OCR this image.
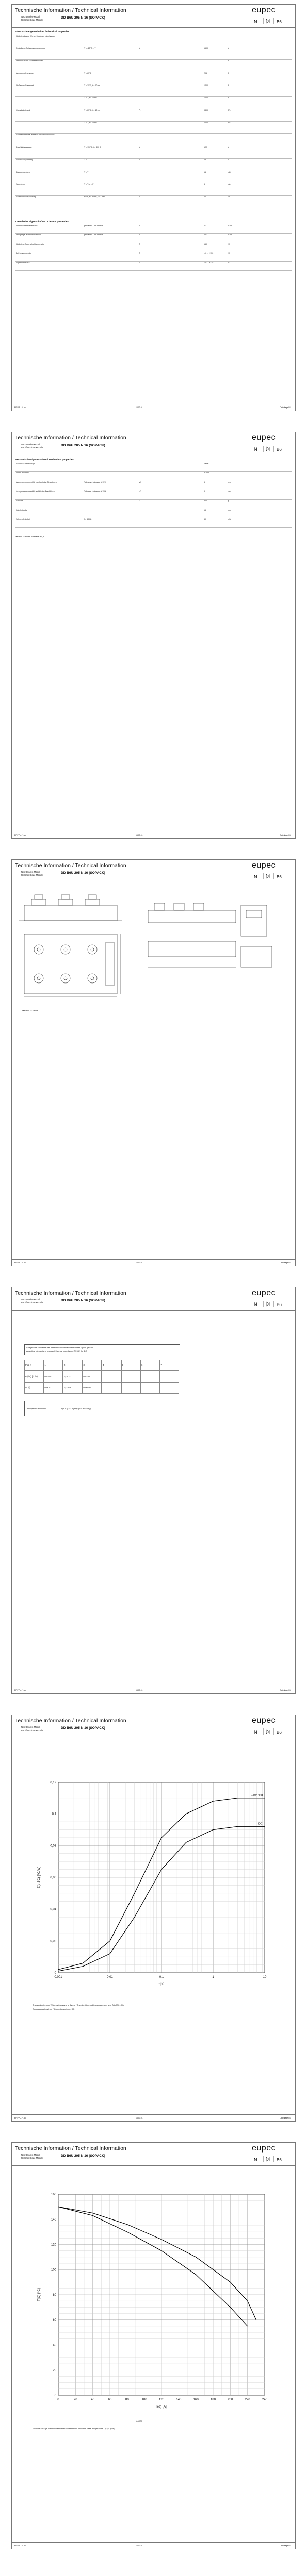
Technische Information / Technical Information
Netz-Dioden-Modul
Rectifier Diode Module	DD B6U 205 N 16 (SOPACK)
eupec
N	B6
Elektrische Eigenschaften / Electrical properties
Höchstzulässige Werte / Maximum rated values
Periodische Spitzensperrspannung	T = -40°C ... T	V	1600	V
Durchlaßstrom-Grenzeffektivwert	I	A
Ausgangsgleichstrom	T = 85°C	I	205	A
Stoßstrom-Grenzwert	T = 25°C, t = 10 ms	I	1400	A
T = T, t = 10 ms	1200	A
Grenzlastintegral	T = 25°C, t = 10 ms	I²t	9800	A²s
T = T, t = 10 ms	7200	A²s
Charakteristische Werte / Characteristic values
Durchlaßspannung	T = 150°C, i = 300 A	V	1,33	V
Schleusenspannung	T = T	V	0,8	V
Ersatzwiderstand	T = T	r	1,8	mΩ
Sperrstrom	T = T, v = V	i	5	mA
Isolations-Prüfspannung	RMS, f = 50 Hz, t = 1 min	V	2,5	kV
Thermische Eigenschaften / Thermal properties
Innerer Wärmewiderstand	pro Modul / per module	R	0,1	°C/W
Übergangs-Wärmewiderstand	pro Modul / per module	R	0,03	°C/W
Höchstzul. Sperrschichttemperatur	T	150	°C
Betriebstemperatur	T	-40 ... +150	°C
Lagertemperatur	T	-40 ... +125	°C
BIP PPU.? ..c.c	16.03.01	Datenlage 0/1
Technische Information / Technical Information
Netz-Dioden-Modul
Rectifier Diode Module	DD B6U 205 N 16 (SOPACK)
eupec
N	B6
Mechanische Eigenschaften / Mechanical properties
Gehäuse, siehe Anlage	Seite 3
Innere Isolation	Al2O3
Anzugsdrehmoment für mechanische Befestigung	Toleranz / tolerance ± 15%	M1	5	Nm
Anzugsdrehmoment für elektrische Anschlüsse	Toleranz / tolerance ± 15%	M2	5	Nm
Gewicht	G	300	g
Kriechstrecke	15	mm
Schwingfestigkeit	f = 50 Hz	50	m/s²
Maßbild / Outline Toleranz: ±0,5
BIP PPU.? ..c.c	16.03.01	Datenlage 0/1
Technische Information / Technical Information
Netz-Dioden-Modul
Rectifier Diode Module	DD B6U 205 N 16 (SOPACK)
eupec
N	B6
Maßbild / Outline
BIP PPU.? ..c.c	16.03.01	Datenlage 0/1
Technische Information / Technical Information
Netz-Dioden-Modul
Rectifier Diode Module	DD B6U 205 N 16 (SOPACK)
eupec
N	B6
Analytische Elemente des transienten Wärmewiderstandes Z(thJC) für DC
Analytical elements of transient thermal impedance Z(thJC) for DC
Pos. n	1	2	3	4	5	6	7
R(thn) [°C/W]	0,0315	0,0437	0,0231
τn [s]	0,00121	0,0189	0,00256
Analytische Funktion:	Z(thJC) = Σ R(thn) (1 − e^(−t/τn))
BIP PPU.? ..c.c	16.03.01	Datenlage 0/1
Technische Information / Technical Information
Netz-Dioden-Modul
Rectifier Diode Module	DD B6U 205 N 16 (SOPACK)
eupec
N	B6
0,001	0,01	0,1	1	10
0
0,02
0,04
0,06
0,08
0,1
0,12
t [s]
Z(thJC) [°C/W]
180° rect
DC
Transienter innerer Wärmewiderstand je Zweig / Transient thermal impedance per arm Z(thJC) = f(t)
Ausgangsgleichstrom / Current waveform: DC
BIP PPU.? ..c.c	16.03.01	Datenlage 0/1
Technische Information / Technical Information
Netz-Dioden-Modul
Rectifier Diode Module	DD B6U 205 N 16 (SOPACK)
eupec
N	B6
0	20	40	60	80	100	120	140	160	180	200	220	240
0
20
40
60
80
100
120
140
160
I(d) [A]
T(C) [°C]
Höchstzulässige Gehäusetemperatur / Maximum allowable case temperature T(C) = f(I(d))
I(d) [A]
BIP PPU.? ..c.c	16.03.01	Datenlage 0/1
